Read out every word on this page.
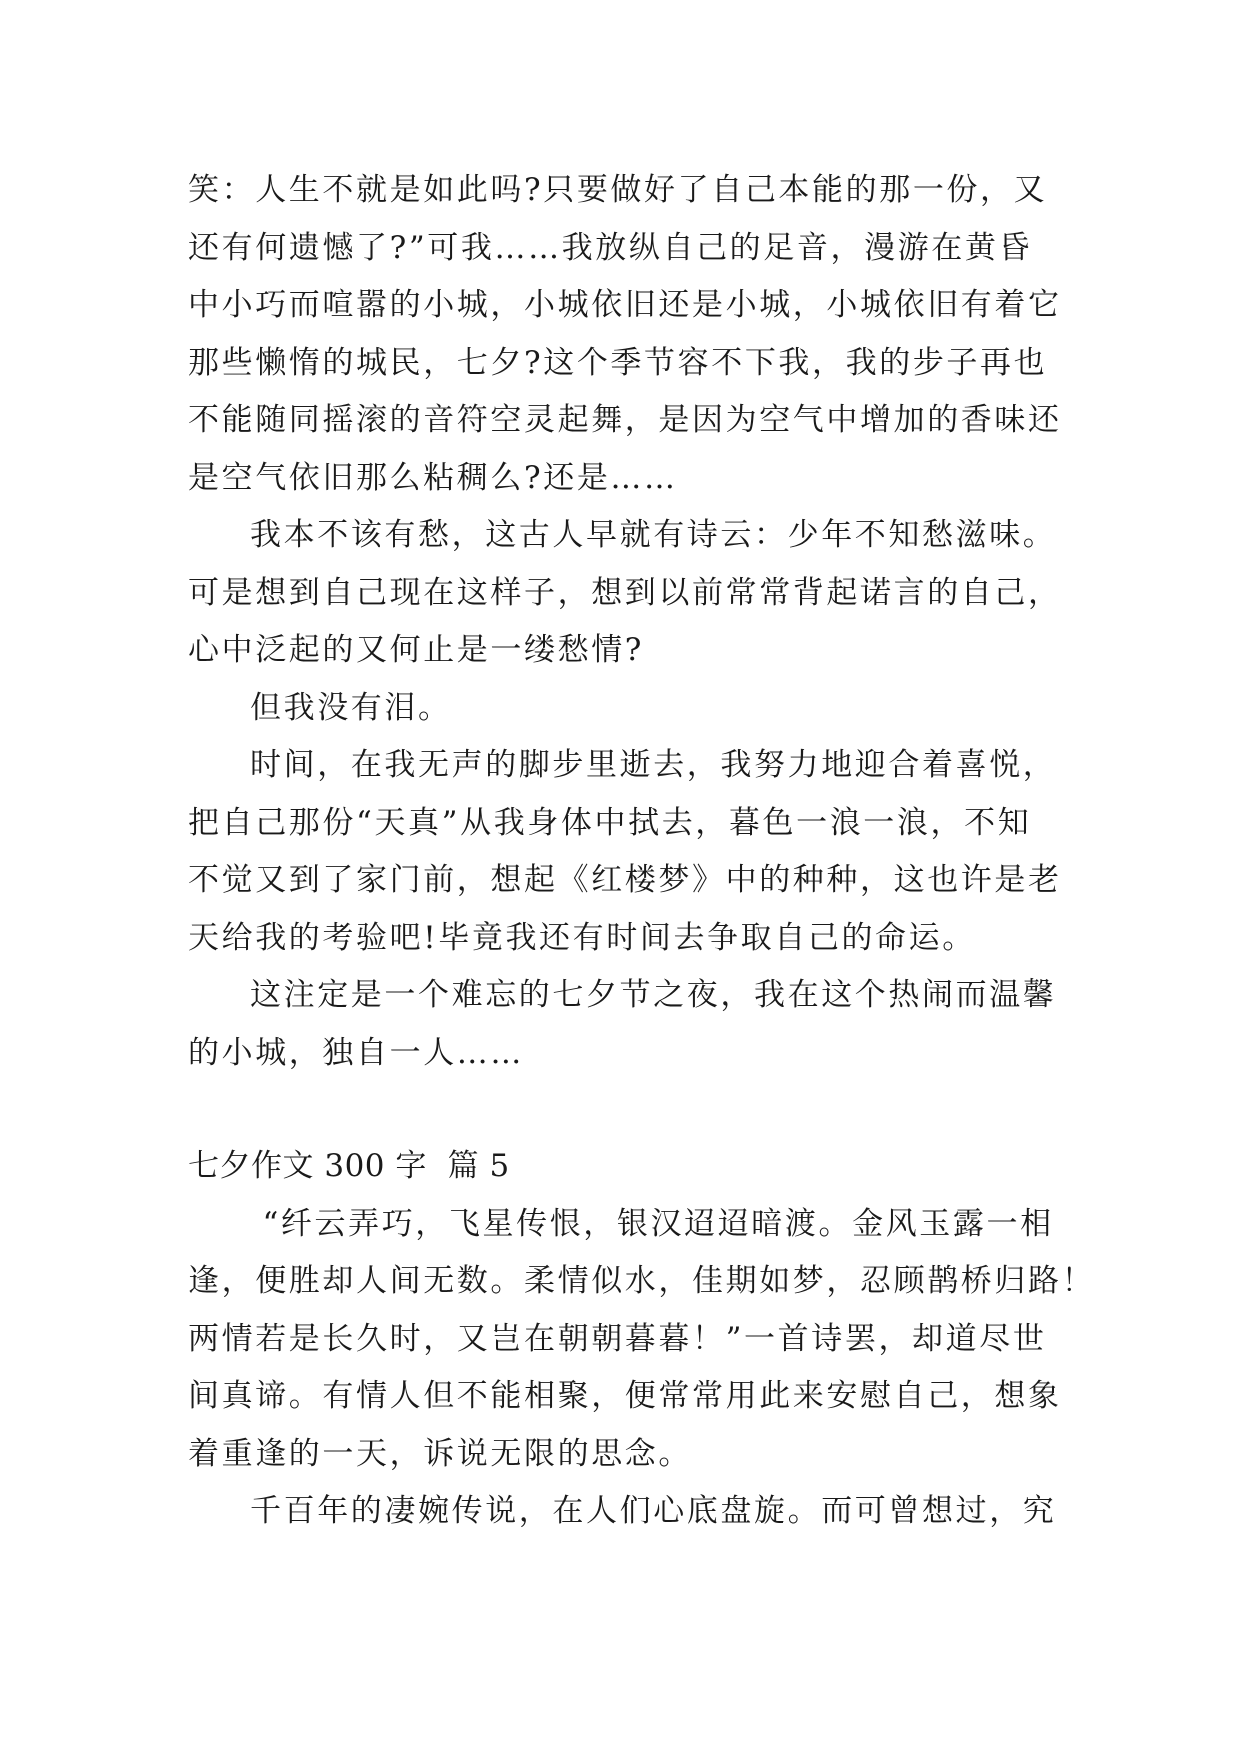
笑：人生不就是如此吗?只要做好了自己本能的那一份，又
还有何遗憾了?”可我……我放纵自己的足音，漫游在黄昏
中小巧而喧嚣的小城，小城依旧还是小城，小城依旧有着它
那些懒惰的城民，七夕?这个季节容不下我，我的步子再也
不能随同摇滚的音符空灵起舞，是因为空气中增加的香味还
是空气依旧那么粘稠么?还是……
我本不该有愁，这古人早就有诗云：少年不知愁滋味。
可是想到自己现在这样子，想到以前常常背起诺言的自己，
心中泛起的又何止是一缕愁情?
但我没有泪。
时间，在我无声的脚步里逝去，我努力地迎合着喜悦，
把自己那份“天真”从我身体中拭去，暮色一浪一浪，不知
不觉又到了家门前，想起《红楼梦》中的种种，这也许是老
天给我的考验吧!毕竟我还有时间去争取自己的命运。
这注定是一个难忘的七夕节之夜，我在这个热闹而温馨
的小城，独自一人……
七夕作文 300 字  篇 5
“纤云弄巧，飞星传恨，银汉迢迢暗渡。金风玉露一相
逢，便胜却人间无数。柔情似水，佳期如梦，忍顾鹊桥归路！
两情若是长久时，又岂在朝朝暮暮！”一首诗罢，却道尽世
间真谛。有情人但不能相聚，便常常用此来安慰自己，想象
着重逢的一天，诉说无限的思念。
千百年的凄婉传说，在人们心底盘旋。而可曾想过，究
